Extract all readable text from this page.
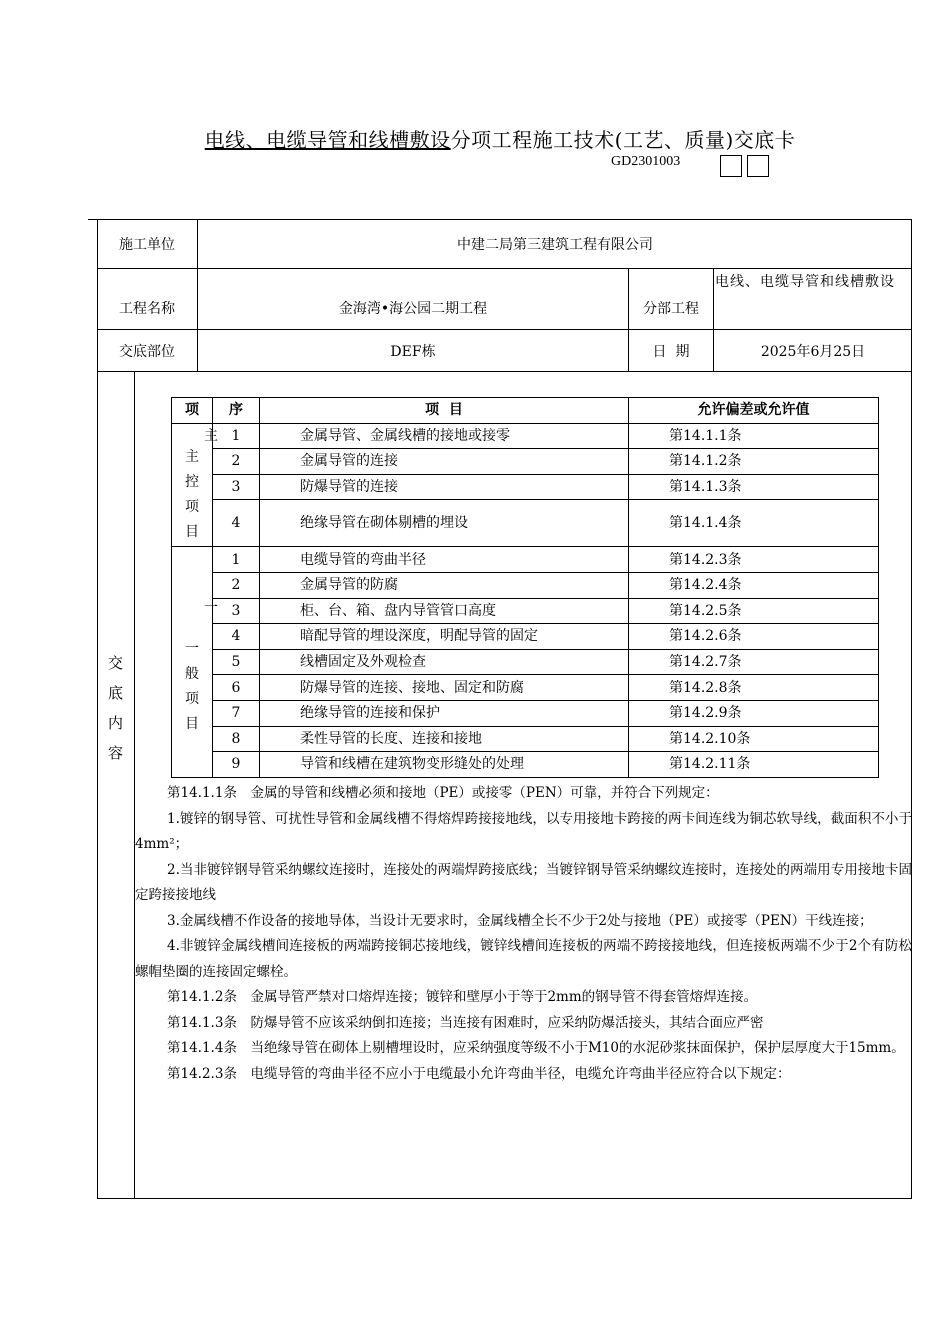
电线、电缆导管和线槽敷设分项工程施工技术(工艺、质量)交底卡
GD2301003
施工单位	中建二局第三建筑工程有限公司
工程名称	金海湾•海公园二期工程	分部工程
电线、电缆导管和线槽敷设
交底部位	DEF栋	日  期	2025年6月25日
交
底
内
容
项	序	项  目	允许偏差或允许值

主
主
控
项
目	1	金属导管、金属线槽的接地或接零	第14.1.1条
	2	金属导管的连接	第14.1.2条
	3	防爆导管的连接	第14.1.3条
	4	绝缘导管在砌体剔槽的埋设	第14.1.4条

一
一
般
项
目	1	电缆导管的弯曲半径	第14.2.3条
	2	金属导管的防腐	第14.2.4条
	3	柜、台、箱、盘内导管管口高度	第14.2.5条
	4	暗配导管的埋设深度，明配导管的固定	第14.2.6条
	5	线槽固定及外观检查	第14.2.7条
	6	防爆导管的连接、接地、固定和防腐	第14.2.8条
	7	绝缘导管的连接和保护	第14.2.9条
	8	柔性导管的长度、连接和接地	第14.2.10条
	9	导管和线槽在建筑物变形缝处的处理	第14.2.11条

第14.1.1条　金属的导管和线槽必须和接地（PE）或接零（PEN）可靠，并符合下列规定：

1.镀锌的钢导管、可扰性导管和金属线槽不得熔焊跨接接地线，以专用接地卡跨接的两卡间连线为铜芯软导线，截面积不小于4mm²；

2.当非镀锌钢导管采纳螺纹连接时，连接处的两端焊跨接底线；当镀锌钢导管采纳螺纹连接时，连接处的两端用专用接地卡固定跨接接地线

3.金属线槽不作设备的接地导体，当设计无要求时，金属线槽全长不少于2处与接地（PE）或接零（PEN）干线连接；

4.非镀锌金属线槽间连接板的两端跨接铜芯接地线，镀锌线槽间连接板的两端不跨接接地线，但连接板两端不少于2个有防松螺帽垫圈的连接固定螺栓。

第14.1.2条　金属导管严禁对口熔焊连接；镀锌和壁厚小于等于2mm的钢导管不得套管熔焊连接。

第14.1.3条　防爆导管不应该采纳倒扣连接；当连接有困难时，应采纳防爆活接头，其结合面应严密

第14.1.4条　当绝缘导管在砌体上剔槽埋设时，应采纳强度等级不小于M10的水泥砂浆抹面保护，保护层厚度大于15mm。

第14.2.3条　电缆导管的弯曲半径不应小于电缆最小允许弯曲半径，电缆允许弯曲半径应符合以下规定：
